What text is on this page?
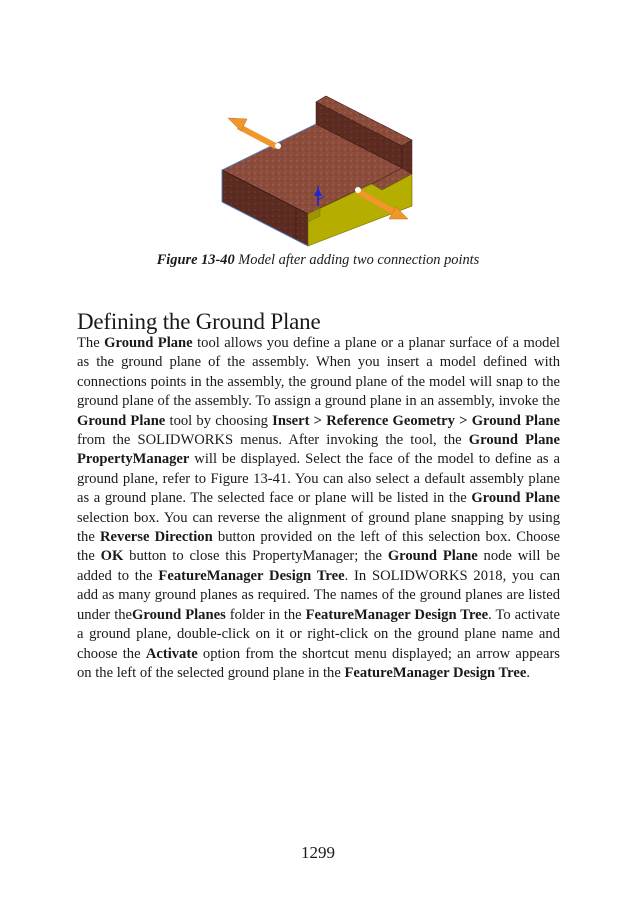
Figure 13-40 Model after adding two connection points
Defining the Ground Plane

The Ground Plane tool allows you define a plane or a planar surface of a model as the ground plane of the assembly. When you insert a model defined with connections points in the assembly, the ground plane of the model will snap to the ground plane of the assembly. To assign a ground plane in an assembly, invoke the Ground Plane tool by choosing Insert > Reference Geometry > Ground Plane from the SOLIDWORKS menus. After invoking the tool, the Ground Plane PropertyManager will be displayed. Select the face of the model to define as a ground plane, refer to Figure 13-41. You can also select a default assembly plane as a ground plane. The selected face or plane will be listed in the Ground Plane selection box. You can reverse the alignment of ground plane snapping by using the Reverse Direction button provided on the left of this selection box. Choose the OK button to close this PropertyManager; the Ground Plane node will be added to the FeatureManager Design Tree. In SOLIDWORKS 2018, you can add as many ground planes as required. The names of the ground planes are listed under theGround Planes folder in the FeatureManager Design Tree. To activate a ground plane, double-click on it or right-click on the ground plane name and choose the Activate option from the shortcut menu displayed; an arrow appears on the left of the selected ground plane in the FeatureManager Design Tree.

1299
